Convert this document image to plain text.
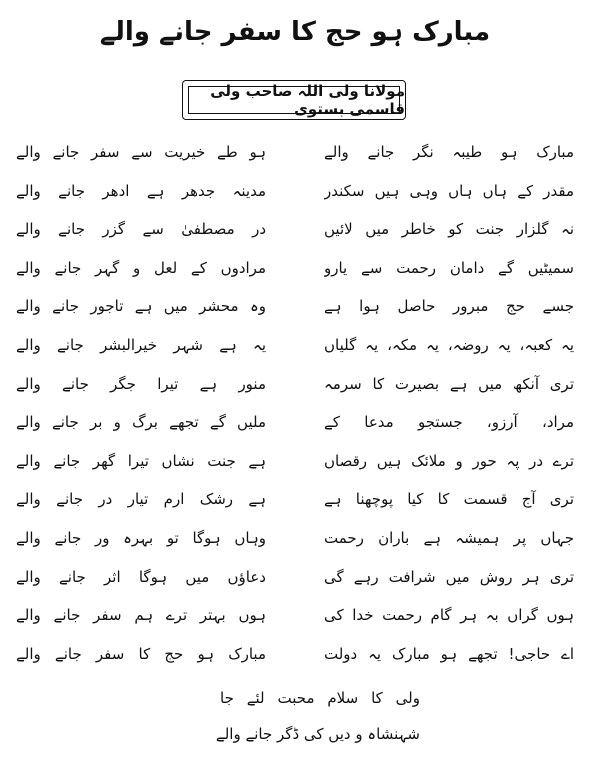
مبارک ہو حج کا سفر جانے والے
مولانا ولی اللہ صاحب ولی قاسمی بستوی
مبارک ہو طیبہ نگر جانے والے
ہو طے خیریت سے سفر جانے والے
مقدر کے ہاں ہاں وہی ہیں سکندر
مدینہ جدھر ہے ادھر جانے والے
نہ گلزار جنت کو خاطر میں لائیں
در مصطفیٰ سے گزر جانے والے
سمیٹیں گے دامان رحمت سے یارو
مرادوں کے لعل و گہر جانے والے
جسے حج مبرور حاصل ہوا ہے
وہ محشر میں ہے تاجور جانے والے
یہ کعبہ، یہ روضہ، یہ مکہ، یہ گلیاں
یہ ہے شہر خیرالبشر جانے والے
تری آنکھ میں ہے بصیرت کا سرمہ
منور ہے تیرا جگر جانے والے
مراد، آرزو، جستجو مدعا کے
ملیں گے تجھے برگ و بر جانے والے
ترے در پہ حور و ملائک ہیں رقصاں
ہے جنت نشاں تیرا گھر جانے والے
تری آج قسمت کا کیا پوچھنا ہے
ہے رشک ارم تیار در جانے والے
جہاں پر ہمیشہ ہے باران رحمت
وہاں ہوگا تو بہرہ ور جانے والے
تری ہر روش میں شرافت رہے گی
دعاؤں میں ہوگا اثر جانے والے
ہوں گراں بہ ہر گام رحمت خدا کی
ہوں بہتر ترے ہم سفر جانے والے
اے حاجی! تجھے ہو مبارک یہ دولت
مبارک ہو حج کا سفر جانے والے
ولی کا سلام محبت لئے جا
شہنشاہ و دیں کی ڈگر جانے والے
